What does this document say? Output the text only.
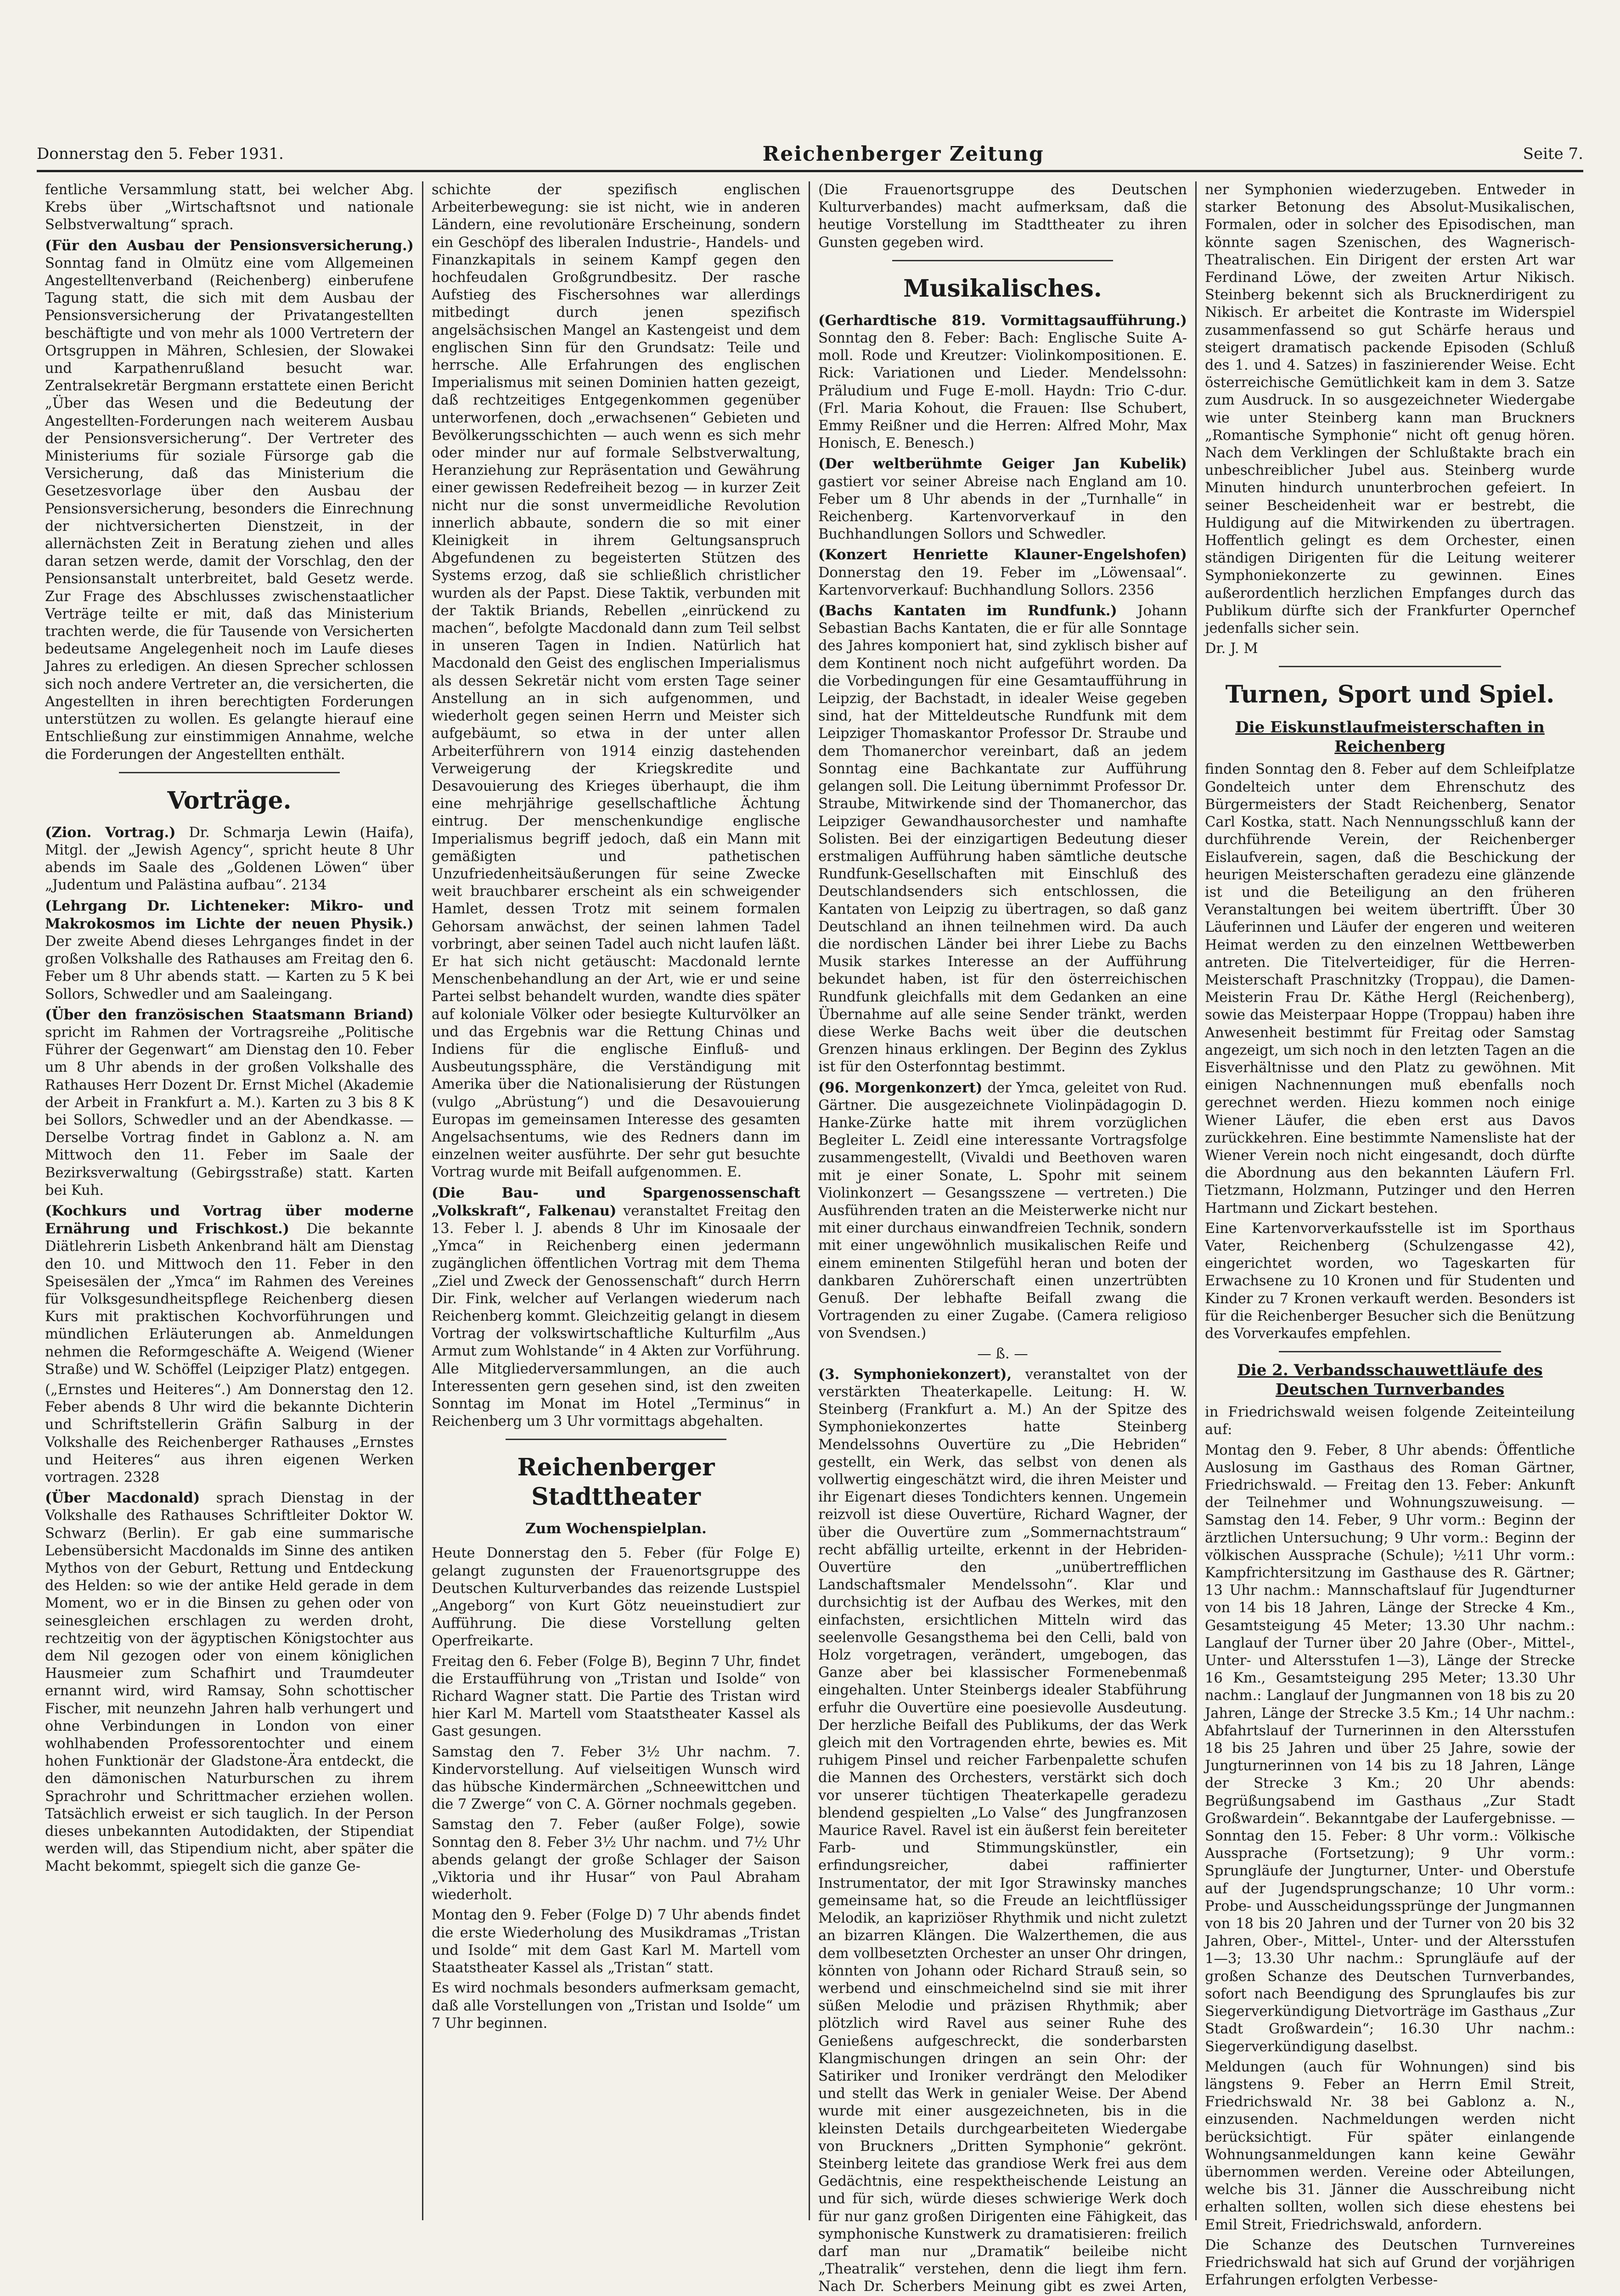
Donnerstag den 5. Feber 1931.	Reichenberger Zeitung	Seite 7.

fentliche Versammlung statt, bei welcher Abg. Krebs über „Wirtschaftsnot und nationale Selbstverwaltung“ sprach.

(Für den Ausbau der Pensionsversicherung.) Sonntag fand in Olmütz eine vom Allgemeinen Angestelltenverband (Reichenberg) einberufene Tagung statt, die sich mit dem Ausbau der Pensionsversicherung der Privatangestellten beschäftigte und von mehr als 1000 Vertretern der Ortsgruppen in Mähren, Schlesien, der Slowakei und Karpathenrußland besucht war. Zentralsekretär Bergmann erstattete einen Bericht „Über das Wesen und die Bedeutung der Angestellten-Forderungen nach weiterem Ausbau der Pensionsversicherung“. Der Vertreter des Ministeriums für soziale Fürsorge gab die Versicherung, daß das Ministerium die Gesetzesvorlage über den Ausbau der Pensionsversicherung, besonders die Einrechnung der nichtversicherten Dienstzeit, in der allernächsten Zeit in Beratung ziehen und alles daran setzen werde, damit der Vorschlag, den der Pensionsanstalt unterbreitet, bald Gesetz werde. Zur Frage des Abschlusses zwischenstaatlicher Verträge teilte er mit, daß das Ministerium trachten werde, die für Tausende von Versicherten bedeutsame Angelegenheit noch im Laufe dieses Jahres zu erledigen. An diesen Sprecher schlossen sich noch andere Vertreter an, die versicherten, die Angestellten in ihren berechtigten Forderungen unterstützen zu wollen. Es gelangte hierauf eine Entschließung zur einstimmigen Annahme, welche die Forderungen der Angestellten enthält.

Vorträge.

(Zion. Vortrag.) Dr. Schmarja Lewin (Haifa), Mitgl. der „Jewish Agency“, spricht heute 8 Uhr abends im Saale des „Goldenen Löwen“ über „Judentum und Palästina aufbau“. 2134

(Lehrgang Dr. Lichteneker: Mikro- und Makrokosmos im Lichte der neuen Physik.) Der zweite Abend dieses Lehrganges findet in der großen Volkshalle des Rathauses am Freitag den 6. Feber um 8 Uhr abends statt. — Karten zu 5 K bei Sollors, Schwedler und am Saaleingang.

(Über den französischen Staatsmann Briand) spricht im Rahmen der Vortragsreihe „Politische Führer der Gegenwart“ am Dienstag den 10. Feber um 8 Uhr abends in der großen Volkshalle des Rathauses Herr Dozent Dr. Ernst Michel (Akademie der Arbeit in Frankfurt a. M.). Karten zu 3 bis 8 K bei Sollors, Schwedler und an der Abendkasse. — Derselbe Vortrag findet in Gablonz a. N. am Mittwoch den 11. Feber im Saale der Bezirksverwaltung (Gebirgsstraße) statt. Karten bei Kuh.

(Kochkurs und Vortrag über moderne Ernährung und Frischkost.) Die bekannte Diätlehrerin Lisbeth Ankenbrand hält am Dienstag den 10. und Mittwoch den 11. Feber in den Speisesälen der „Ymca“ im Rahmen des Vereines für Volksgesundheitspflege Reichenberg diesen Kurs mit praktischen Kochvorführungen und mündlichen Erläuterungen ab. Anmeldungen nehmen die Reformgeschäfte A. Weigend (Wiener Straße) und W. Schöffel (Leipziger Platz) entgegen.

(„Ernstes und Heiteres“.) Am Donnerstag den 12. Feber abends 8 Uhr wird die bekannte Dichterin und Schriftstellerin Gräfin Salburg in der Volkshalle des Reichenberger Rathauses „Ernstes und Heiteres“ aus ihren eigenen Werken vortragen. 2328

(Über Macdonald) sprach Dienstag in der Volkshalle des Rathauses Schriftleiter Doktor W. Schwarz (Berlin). Er gab eine summarische Lebensübersicht Macdonalds im Sinne des antiken Mythos von der Geburt, Rettung und Entdeckung des Helden: so wie der antike Held gerade in dem Moment, wo er in die Binsen zu gehen oder von seinesgleichen erschlagen zu werden droht, rechtzeitig von der ägyptischen Königstochter aus dem Nil gezogen oder von einem königlichen Hausmeier zum Schafhirt und Traumdeuter ernannt wird, wird Ramsay, Sohn schottischer Fischer, mit neunzehn Jahren halb verhungert und ohne Verbindungen in London von einer wohlhabenden Professorentochter und einem hohen Funktionär der Gladstone-Ära entdeckt, die den dämonischen Naturburschen zu ihrem Sprachrohr und Schrittmacher erziehen wollen. Tatsächlich erweist er sich tauglich. In der Person dieses unbekannten Autodidakten, der Stipendiat werden will, das Stipendium nicht, aber später die Macht bekommt, spiegelt sich die ganze Ge-

schichte der spezifisch englischen Arbeiterbewegung: sie ist nicht, wie in anderen Ländern, eine revolutionäre Erscheinung, sondern ein Geschöpf des liberalen Industrie-, Handels- und Finanzkapitals in seinem Kampf gegen den hochfeudalen Großgrundbesitz. Der rasche Aufstieg des Fischersohnes war allerdings mitbedingt durch jenen spezifisch angelsächsischen Mangel an Kastengeist und dem englischen Sinn für den Grundsatz: Teile und herrsche. Alle Erfahrungen des englischen Imperialismus mit seinen Dominien hatten gezeigt, daß rechtzeitiges Entgegenkommen gegenüber unterworfenen, doch „erwachsenen“ Gebieten und Bevölkerungsschichten — auch wenn es sich mehr oder minder nur auf formale Selbstverwaltung, Heranziehung zur Repräsentation und Gewährung einer gewissen Redefreiheit bezog — in kurzer Zeit nicht nur die sonst unvermeidliche Revolution innerlich abbaute, sondern die so mit einer Kleinigkeit in ihrem Geltungsanspruch Abgefundenen zu begeisterten Stützen des Systems erzog, daß sie schließlich christlicher wurden als der Papst. Diese Taktik, verbunden mit der Taktik Briands, Rebellen „einrückend zu machen“, befolgte Macdonald dann zum Teil selbst in unseren Tagen in Indien. Natürlich hat Macdonald den Geist des englischen Imperialismus als dessen Sekretär nicht vom ersten Tage seiner Anstellung an in sich aufgenommen, und wiederholt gegen seinen Herrn und Meister sich aufgebäumt, so etwa in der unter allen Arbeiterführern von 1914 einzig dastehenden Verweigerung der Kriegskredite und Desavouierung des Krieges überhaupt, die ihm eine mehrjährige gesellschaftliche Ächtung eintrug. Der menschenkundige englische Imperialismus begriff jedoch, daß ein Mann mit gemäßigten und pathetischen Unzufriedenheitsäußerungen für seine Zwecke weit brauchbarer erscheint als ein schweigender Hamlet, dessen Trotz mit seinem formalen Gehorsam anwächst, der seinen lahmen Tadel vorbringt, aber seinen Tadel auch nicht laufen läßt. Er hat sich nicht getäuscht: Macdonald lernte Menschenbehandlung an der Art, wie er und seine Partei selbst behandelt wurden, wandte dies später auf koloniale Völker oder besiegte Kulturvölker an und das Ergebnis war die Rettung Chinas und Indiens für die englische Einfluß- und Ausbeutungssphäre, die Verständigung mit Amerika über die Nationalisierung der Rüstungen (vulgo „Abrüstung“) und die Desavouierung Europas im gemeinsamen Interesse des gesamten Angelsachsentums, wie des Redners dann im einzelnen weiter ausführte. Der sehr gut besuchte Vortrag wurde mit Beifall aufgenommen. E.

(Die Bau- und Spargenossenschaft „Volkskraft“, Falkenau) veranstaltet Freitag den 13. Feber l. J. abends 8 Uhr im Kinosaale der „Ymca“ in Reichenberg einen jedermann zugänglichen öffentlichen Vortrag mit dem Thema „Ziel und Zweck der Genossenschaft“ durch Herrn Dir. Fink, welcher auf Verlangen wiederum nach Reichenberg kommt. Gleichzeitig gelangt in diesem Vortrag der volkswirtschaftliche Kulturfilm „Aus Armut zum Wohlstande“ in 4 Akten zur Vorführung. Alle Mitgliederversammlungen, an die auch Interessenten gern gesehen sind, ist den zweiten Sonntag im Monat im Hotel „Terminus“ in Reichenberg um 3 Uhr vormittags abgehalten.

Reichenberger Stadttheater
Zum Wochenspielplan.

Heute Donnerstag den 5. Feber (für Folge E) gelangt zugunsten der Frauenortsgruppe des Deutschen Kulturverbandes das reizende Lustspiel „Angeborg“ von Kurt Götz neueinstudiert zur Aufführung. Die diese Vorstellung gelten Operfreikarte.

Freitag den 6. Feber (Folge B), Beginn 7 Uhr, findet die Erstaufführung von „Tristan und Isolde“ von Richard Wagner statt. Die Partie des Tristan wird hier Karl M. Martell vom Staatstheater Kassel als Gast gesungen.

Samstag den 7. Feber 3½ Uhr nachm. 7. Kindervorstellung. Auf vielseitigen Wunsch wird das hübsche Kindermärchen „Schneewittchen und die 7 Zwerge“ von C. A. Görner nochmals gegeben.

Samstag den 7. Feber (außer Folge), sowie Sonntag den 8. Feber 3½ Uhr nachm. und 7½ Uhr abends gelangt der große Schlager der Saison „Viktoria und ihr Husar“ von Paul Abraham wiederholt.

Montag den 9. Feber (Folge D) 7 Uhr abends findet die erste Wiederholung des Musikdramas „Tristan und Isolde“ mit dem Gast Karl M. Martell vom Staatstheater Kassel als „Tristan“ statt.

Es wird nochmals besonders aufmerksam gemacht, daß alle Vorstellungen von „Tristan und Isolde“ um 7 Uhr beginnen.

(Die Frauenortsgruppe des Deutschen Kulturverbandes) macht aufmerksam, daß die heutige Vorstellung im Stadttheater zu ihren Gunsten gegeben wird.

Musikalisches.

(Gerhardtische 819. Vormittagsaufführung.) Sonntag den 8. Feber: Bach: Englische Suite A-moll. Rode und Kreutzer: Violinkompositionen. E. Rick: Variationen und Lieder. Mendelssohn: Präludium und Fuge E-moll. Haydn: Trio C-dur. (Frl. Maria Kohout, die Frauen: Ilse Schubert, Emmy Reißner und die Herren: Alfred Mohr, Max Honisch, E. Benesch.)

(Der weltberühmte Geiger Jan Kubelik) gastiert vor seiner Abreise nach England am 10. Feber um 8 Uhr abends in der „Turnhalle“ in Reichenberg. Kartenvorverkauf in den Buchhandlungen Sollors und Schwedler.

(Konzert Henriette Klauner-Engelshofen) Donnerstag den 19. Feber im „Löwensaal“. Kartenvorverkauf: Buchhandlung Sollors. 2356

(Bachs Kantaten im Rundfunk.) Johann Sebastian Bachs Kantaten, die er für alle Sonntage des Jahres komponiert hat, sind zyklisch bisher auf dem Kontinent noch nicht aufgeführt worden. Da die Vorbedingungen für eine Gesamtaufführung in Leipzig, der Bachstadt, in idealer Weise gegeben sind, hat der Mitteldeutsche Rundfunk mit dem Leipziger Thomaskantor Professor Dr. Straube und dem Thomanerchor vereinbart, daß an jedem Sonntag eine Bachkantate zur Aufführung gelangen soll. Die Leitung übernimmt Professor Dr. Straube, Mitwirkende sind der Thomanerchor, das Leipziger Gewandhausorchester und namhafte Solisten. Bei der einzigartigen Bedeutung dieser erstmaligen Aufführung haben sämtliche deutsche Rundfunk-Gesellschaften mit Einschluß des Deutschlandsenders sich entschlossen, die Kantaten von Leipzig zu übertragen, so daß ganz Deutschland an ihnen teilnehmen wird. Da auch die nordischen Länder bei ihrer Liebe zu Bachs Musik starkes Interesse an der Aufführung bekundet haben, ist für den österreichischen Rundfunk gleichfalls mit dem Gedanken an eine Übernahme auf alle seine Sender tränkt, werden diese Werke Bachs weit über die deutschen Grenzen hinaus erklingen. Der Beginn des Zyklus ist für den Osterfonntag bestimmt.

(96. Morgenkonzert) der Ymca, geleitet von Rud. Gärtner. Die ausgezeichnete Violinpädagogin D. Hanke-Zürke hatte mit ihrem vorzüglichen Begleiter L. Zeidl eine interessante Vortragsfolge zusammengestellt, (Vivaldi und Beethoven waren mit je einer Sonate, L. Spohr mit seinem Violinkonzert — Gesangsszene — vertreten.) Die Ausführenden traten an die Meisterwerke nicht nur mit einer durchaus einwandfreien Technik, sondern mit einer ungewöhnlich musikalischen Reife und einem eminenten Stilgefühl heran und boten der dankbaren Zuhörerschaft einen unzertrübten Genuß. Der lebhafte Beifall zwang die Vortragenden zu einer Zugabe. (Camera religioso von Svendsen.)

— ß. —

(3. Symphoniekonzert), veranstaltet von der verstärkten Theaterkapelle. Leitung: H. W. Steinberg (Frankfurt a. M.) An der Spitze des Symphoniekonzertes hatte Steinberg Mendelssohns Ouvertüre zu „Die Hebriden“ gestellt, ein Werk, das selbst von denen als vollwertig eingeschätzt wird, die ihren Meister und ihr Eigenart dieses Tondichters kennen. Ungemein reizvoll ist diese Ouvertüre, Richard Wagner, der über die Ouvertüre zum „Sommernachtstraum“ recht abfällig urteilte, erkennt in der Hebriden-Ouvertüre den „unübertrefflichen Landschaftsmaler Mendelssohn“. Klar und durchsichtig ist der Aufbau des Werkes, mit den einfachsten, ersichtlichen Mitteln wird das seelenvolle Gesangsthema bei den Celli, bald von Holz vorgetragen, verändert, umgebogen, das Ganze aber bei klassischer Formenebenmaß eingehalten. Unter Steinbergs idealer Stabführung erfuhr die Ouvertüre eine poesievolle Ausdeutung. Der herzliche Beifall des Publikums, der das Werk gleich mit den Vortragenden ehrte, bewies es. Mit ruhigem Pinsel und reicher Farbenpalette schufen die Mannen des Orchesters, verstärkt sich doch vor unserer tüchtigen Theaterkapelle geradezu blendend gespielten „Lo Valse“ des Jungfranzosen Maurice Ravel. Ravel ist ein äußerst fein bereiteter Farb- und Stimmungskünstler, ein erfindungsreicher, dabei raffinierter Instrumentator, der mit Igor Strawinsky manches gemeinsame hat, so die Freude an leichtflüssiger Melodik, an kapriziöser Rhythmik und nicht zuletzt an bizarren Klängen. Die Walzerthemen, die aus dem vollbesetzten Orchester an unser Ohr dringen, könnten von Johann oder Richard Strauß sein, so werbend und einschmeichelnd sind sie mit ihrer süßen Melodie und präzisen Rhythmik; aber plötzlich wird Ravel aus seiner Ruhe des Genießens aufgeschreckt, die sonderbarsten Klangmischungen dringen an sein Ohr: der Satiriker und Ironiker verdrängt den Melodiker und stellt das Werk in genialer Weise. Der Abend wurde mit einer ausgezeichneten, bis in die kleinsten Details durchgearbeiteten Wiedergabe von Bruckners „Dritten Symphonie“ gekrönt. Steinberg leitete das grandiose Werk frei aus dem Gedächtnis, eine respektheischende Leistung an und für sich, würde dieses schwierige Werk doch für nur ganz großen Dirigenten eine Fähigkeit, das symphonische Kunstwerk zu dramatisieren: freilich darf man nur „Dramatik“ beileibe nicht „Theatralik“ verstehen, denn die liegt ihm fern. Nach Dr. Scherbers Meinung gibt es zwei Arten,

ner Symphonien wiederzugeben. Entweder in starker Betonung des Absolut-Musikalischen, Formalen, oder in solcher des Episodischen, man könnte sagen Szenischen, des Wagnerisch-Theatralischen. Ein Dirigent der ersten Art war Ferdinand Löwe, der zweiten Artur Nikisch. Steinberg bekennt sich als Brucknerdirigent zu Nikisch. Er arbeitet die Kontraste im Widerspiel zusammenfassend so gut Schärfe heraus und steigert dramatisch packende Episoden (Schluß des 1. und 4. Satzes) in faszinierender Weise. Echt österreichische Gemütlichkeit kam in dem 3. Satze zum Ausdruck. In so ausgezeichneter Wiedergabe wie unter Steinberg kann man Bruckners „Romantische Symphonie“ nicht oft genug hören. Nach dem Verklingen der Schlußtakte brach ein unbeschreiblicher Jubel aus. Steinberg wurde Minuten hindurch ununterbrochen gefeiert. In seiner Bescheidenheit war er bestrebt, die Huldigung auf die Mitwirkenden zu übertragen. Hoffentlich gelingt es dem Orchester, einen ständigen Dirigenten für die Leitung weiterer Symphoniekonzerte zu gewinnen. Eines außerordentlich herzlichen Empfanges durch das Publikum dürfte sich der Frankfurter Opernchef jedenfalls sicher sein.

Dr. J. M

Turnen, Sport und Spiel.
Die Eiskunstlaufmeisterschaften in Reichenberg

finden Sonntag den 8. Feber auf dem Schleifplatze Gondelteich unter dem Ehrenschutz des Bürgermeisters der Stadt Reichenberg, Senator Carl Kostka, statt. Nach Nennungsschluß kann der durchführende Verein, der Reichenberger Eislaufverein, sagen, daß die Beschickung der heurigen Meisterschaften geradezu eine glänzende ist und die Beteiligung an den früheren Veranstaltungen bei weitem übertrifft. Über 30 Läuferinnen und Läufer der engeren und weiteren Heimat werden zu den einzelnen Wettbewerben antreten. Die Titelverteidiger, für die Herren-Meisterschaft Praschnitzky (Troppau), die Damen-Meisterin Frau Dr. Käthe Hergl (Reichenberg), sowie das Meisterpaar Hoppe (Troppau) haben ihre Anwesenheit bestimmt für Freitag oder Samstag angezeigt, um sich noch in den letzten Tagen an die Eisverhältnisse und den Platz zu gewöhnen. Mit einigen Nachnennungen muß ebenfalls noch gerechnet werden. Hiezu kommen noch einige Wiener Läufer, die eben erst aus Davos zurückkehren. Eine bestimmte Namensliste hat der Wiener Verein noch nicht eingesandt, doch dürfte die Abordnung aus den bekannten Läufern Frl. Tietzmann, Holzmann, Putzinger und den Herren Hartmann und Zickart bestehen.

Eine Kartenvorverkaufsstelle ist im Sporthaus Vater, Reichenberg (Schulzengasse 42), eingerichtet worden, wo Tageskarten für Erwachsene zu 10 Kronen und für Studenten und Kinder zu 7 Kronen verkauft werden. Besonders ist für die Reichenberger Besucher sich die Benützung des Vorverkaufes empfehlen.

Die 2. Verbandsschauwettläufe des Deutschen Turnverbandes

in Friedrichswald weisen folgende Zeiteinteilung auf:

Montag den 9. Feber, 8 Uhr abends: Öffentliche Auslosung im Gasthaus des Roman Gärtner, Friedrichswald. — Freitag den 13. Feber: Ankunft der Teilnehmer und Wohnungszuweisung. — Samstag den 14. Feber, 9 Uhr vorm.: Beginn der ärztlichen Untersuchung; 9 Uhr vorm.: Beginn der völkischen Aussprache (Schule); ½11 Uhr vorm.: Kampfrichtersitzung im Gasthause des R. Gärtner; 13 Uhr nachm.: Mannschaftslauf für Jugendturner von 14 bis 18 Jahren, Länge der Strecke 4 Km., Gesamtsteigung 45 Meter; 13.30 Uhr nachm.: Langlauf der Turner über 20 Jahre (Ober-, Mittel-, Unter- und Altersstufen 1—3), Länge der Strecke 16 Km., Gesamtsteigung 295 Meter; 13.30 Uhr nachm.: Langlauf der Jungmannen von 18 bis zu 20 Jahren, Länge der Strecke 3.5 Km.; 14 Uhr nachm.: Abfahrtslauf der Turnerinnen in den Altersstufen 18 bis 25 Jahren und über 25 Jahre, sowie der Jungturnerinnen von 14 bis zu 18 Jahren, Länge der Strecke 3 Km.; 20 Uhr abends: Begrüßungsabend im Gasthaus „Zur Stadt Großwardein“. Bekanntgabe der Laufergebnisse. — Sonntag den 15. Feber: 8 Uhr vorm.: Völkische Aussprache (Fortsetzung); 9 Uhr vorm.: Sprungläufe der Jungturner, Unter- und Oberstufe auf der Jugendsprungschanze; 10 Uhr vorm.: Probe- und Ausscheidungssprünge der Jungmannen von 18 bis 20 Jahren und der Turner von 20 bis 32 Jahren, Ober-, Mittel-, Unter- und der Altersstufen 1—3; 13.30 Uhr nachm.: Sprungläufe auf der großen Schanze des Deutschen Turnverbandes, sofort nach Beendigung des Sprunglaufes bis zur Siegerverkündigung Dietvorträge im Gasthaus „Zur Stadt Großwardein“; 16.30 Uhr nachm.: Siegerverkündigung daselbst.

Meldungen (auch für Wohnungen) sind bis längstens 9. Feber an Herrn Emil Streit, Friedrichswald Nr. 38 bei Gablonz a. N., einzusenden. Nachmeldungen werden nicht berücksichtigt. Für später einlangende Wohnungsanmeldungen kann keine Gewähr übernommen werden. Vereine oder Abteilungen, welche bis 31. Jänner die Ausschreibung nicht erhalten sollten, wollen sich diese ehestens bei Emil Streit, Friedrichswald, anfordern.

Die Schanze des Deutschen Turnvereines Friedrichswald hat sich auf Grund der vorjährigen Erfahrungen erfolgten Verbesse-
